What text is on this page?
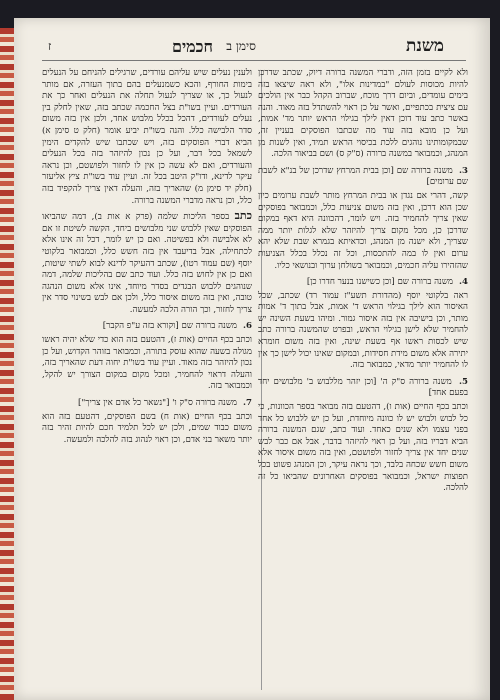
משנת
סימן ב
חכמים
ז

ולא לקיים בזמן הזה, ודברי המשנה ברורה דיוק, שכתב שדרכן להיות מכוסות לעולם "במדינות אלו", ולא ראה שיצאו בזה בימים עומדים, וביום דרך מוכח, שברוב הקהל כבר אין הולכים עם ציצית בכתפיים, ואשר על כן ראוי להשתדל בזה מאוד. והנה באשר כתב עוד דוכן דאין לילך בגילוי הראש יותר מד' אמות, ועל כן מובא בזה עוד מה שכתבו הפוסקים בעניין זה, שבמקומותינו נוהגים ללכת בכיסוי הראש תמיד, ואין לשנות מן המנהג, וכמבואר במשנה ברורה (ס"ק ס) ושם בביאור הלכה.

3. משנה ברורה שם [וכן בבית המרחץ שדרכן של בנ"א לשבת שם ערומים]

קשה, דהרי אם נגדן או בבית המרחץ מותר לשבת ערומים כיון שכן הוא דרכן, ואין בזה משום צניעות כלל, וכמבואר בפוסקים שאין צריך להחמיר בזה. ויש לומר, דהכוונה היא דאף במקום שדרכן כן, מכל מקום צריך להיזהר שלא לגלות יותר ממה שצריך, ולא ישנה מן המנהג, וכדאיתא בגמרא שבת שלא יהא ערום ואין לו במה להתכסות, וכל זה נכלל בכלל הצניעות שהזהירו עליה חכמים, וכמבואר בשולחן ערוך ובנושאי כליו.

4. משנה ברורה שם [וכן כשישנו בנער חדרו כן]

ראה בלקוטי יוסף (מהדורת תשע"ז עמוד רד) שכתב, שכל האיסור הוא לילך בגילוי הראש ד' אמות, אבל בתוך ד' אמות מותר, וכן בישיבה אין בזה איסור גמור. ומיהו בשעת השינה יש להחמיר שלא לישן בגילוי הראש, ובפרט שהמשנה ברורה כתב שיש לכסות ראשו אף בשעת שינה, ואין בזה משום חומרא יתירה אלא משום מידת חסידות, ובמקום שאינו יכול לישן כך אין לו להחמיר יותר מדאי, כמבואר בזה.

5. משנה ברורה ס"ק ה' [וכן יזהר מללבוש ב' מלבושים יחד בפעם אחד]

וכתב בכף החיים (אות ו), דהטעם בזה מבואר בספר הכוונות, כי כל לבוש ולבוש יש לו כוונה מיוחדת, ועל כן יש ללבוש כל אחד בפני עצמו ולא שנים כאחד. ועוד כתב, שגם המשנה ברורה הביא דבריו בזה, ועל כן ראוי להיזהר בדבר, אבל אם כבר לבש שנים יחד אין צריך לחזור ולפושטם, ואין בזה משום איסור אלא משום חשש שכחה בלבד, וכך נראה עיקר, וכן המנהג פשוט בכל תפוצות ישראל, וכמבואר בפוסקים האחרונים שהביאו כל זה להלכה.

ולענין נעלים שיש עליהם עורדים, שרגילים להניחם על הנעלים בימות החורף, והכא כשמנעלים בהם בתוך העזרה, אם מותר לנעול כך, או שצריך לנעול תחלה את הנעלים ואחר כך את העורדים. ועיין בשו"ת בצל החכמה שכתב בזה, שאין לחלק בין נעלים לעורדים, דהכל בכלל מלבוש אחד, ולכן אין בזה משום סדר הלבישה כלל. והנה בשו"ת יביע אומר (חלק ט סימן א) הביא דברי הפוסקים בזה, ויש שכתבו שיש להקדים הימין לשמאל בכל דבר, ועל כן נכון להיזהר בזה בכל הנעלים והעורדים, ואם לא עשה כן אין לו לחזור ולפושטם, וכן נראה עיקר לדינא, ודו"ק היטב בכל זה. ועיין עוד בשו"ת ציץ אליעזר (חלק יד סימן מ) שהאריך בזה, והעלה דאין צריך להקפיד בזה כלל, וכן נראה מדברי המשנה ברורה.

כתב בספר הליכות שלמה (פרק א אות ב), דמה שהביאו הפוסקים שאין ללבוש שני מלבושים ביחד, הקשה לשיטת זו אם לא אלבישה ולא בפשיטה. ואם כן יש לומר, דכל זה אינו אלא לכתחילה, אבל בדיעבד אין בזה חשש כלל, וכמבואר בלקוטי יוסף (שם עמוד רטו), שכתב דהעיקר לדינא לבוא לשתי שיטות, ואם כן אין לחוש בזה כלל. ועוד כתב שם בהליכות שלמה, דמה שנוהגים ללבוש הבגדים בסדר מיוחד, אינו אלא משום הנהגה טובה, ואין בזה משום איסור כלל, ולכן אם לבש בשינוי סדר אין צריך לחזור, וכך הורה הלכה למעשה.

6. משנה ברורה שם [וקורא בזה ע"פ הקבר]

וכתב בכף החיים (אות ז), דהטעם בזה הוא כדי שלא יהיה ראשו מגולה בשעה שהוא עוסק בתורה, וכמבואר בזוהר הקדוש, ועל כן נכון להיזהר בזה מאוד. ועיין עוד בשו"ת יחוה דעת שהאריך בזה, והעלה דראוי להחמיר, ומכל מקום במקום הצורך יש להקל, וכמבואר בזה.

7. משנה ברורה ס"ק ו' ["נשאר כל אדם אין צריך"]

וכתב בכף החיים (אות ח) בשם הפוסקים, דהטעם בזה הוא משום כבוד שמים, ולכן יש לכל תלמיד חכם להיות זהיר בזה יותר משאר בני אדם, וכן ראוי לנהוג בזה להלכה ולמעשה.
